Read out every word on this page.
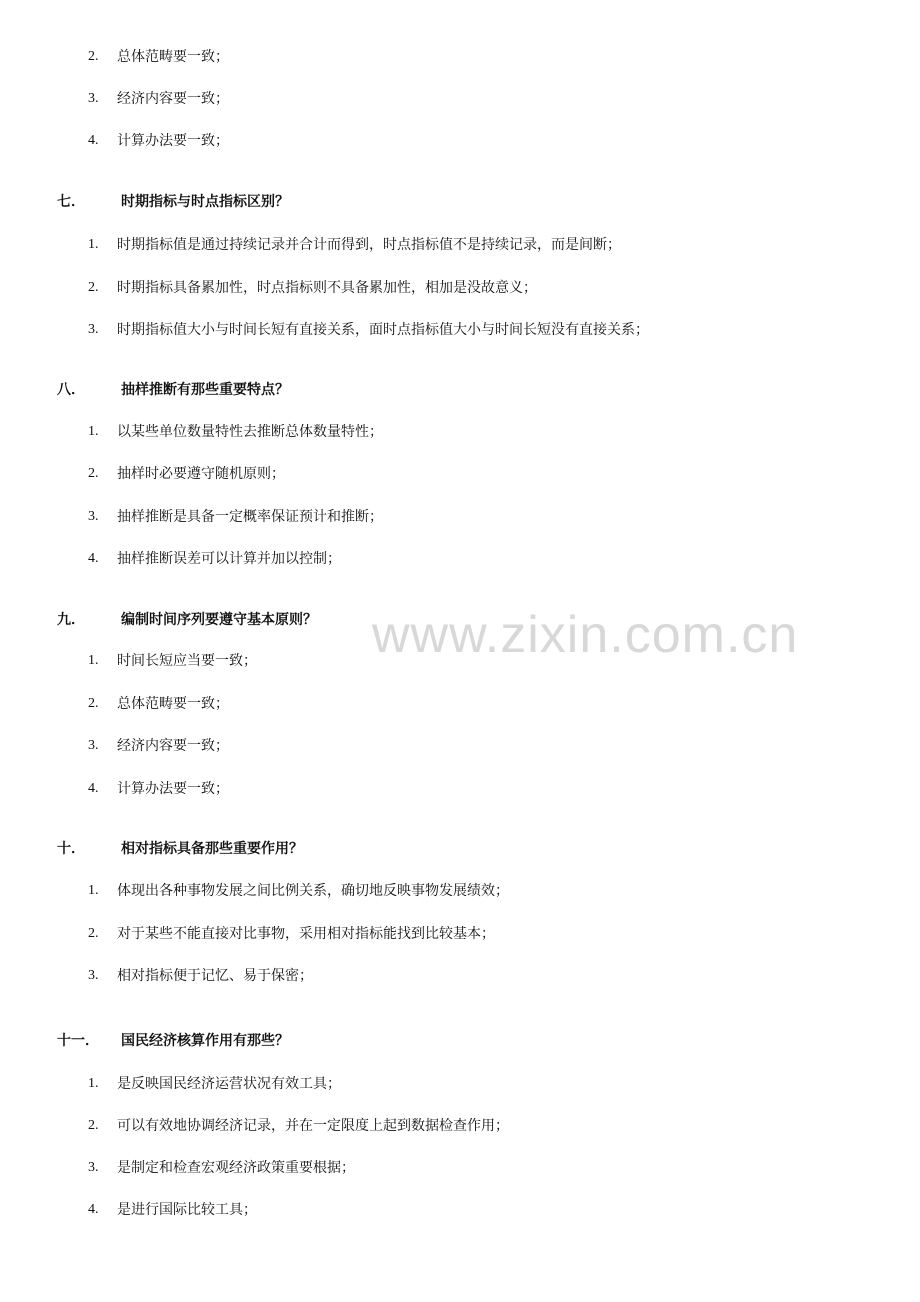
2.	总体范畴要一致；
3.	经济内容要一致；
4.	计算办法要一致；
七．	时期指标与时点指标区别？
1.	时期指标值是通过持续记录并合计而得到，时点指标值不是持续记录，而是间断；
2.	时期指标具备累加性，时点指标则不具备累加性，相加是没故意义；
3.	时期指标值大小与时间长短有直接关系，面时点指标值大小与时间长短没有直接关系；
八．	抽样推断有那些重要特点？
1.	以某些单位数量特性去推断总体数量特性；
2.	抽样时必要遵守随机原则；
3.	抽样推断是具备一定概率保证预计和推断；
4.	抽样推断误差可以计算并加以控制；
九．	编制时间序列要遵守基本原则？
1.	时间长短应当要一致；
2.	总体范畴要一致；
3.	经济内容要一致；
4.	计算办法要一致；
十．	相对指标具备那些重要作用？
1.	体现出各种事物发展之间比例关系，确切地反映事物发展绩效；
2.	对于某些不能直接对比事物，采用相对指标能找到比较基本；
3.	相对指标便于记忆、易于保密；
十一． 国民经济核算作用有那些？
1.	是反映国民经济运营状况有效工具；
2.	可以有效地协调经济记录，并在一定限度上起到数据检查作用；
3.	是制定和检查宏观经济政策重要根据；
4.	是进行国际比较工具；
www.zixin.com.cn
